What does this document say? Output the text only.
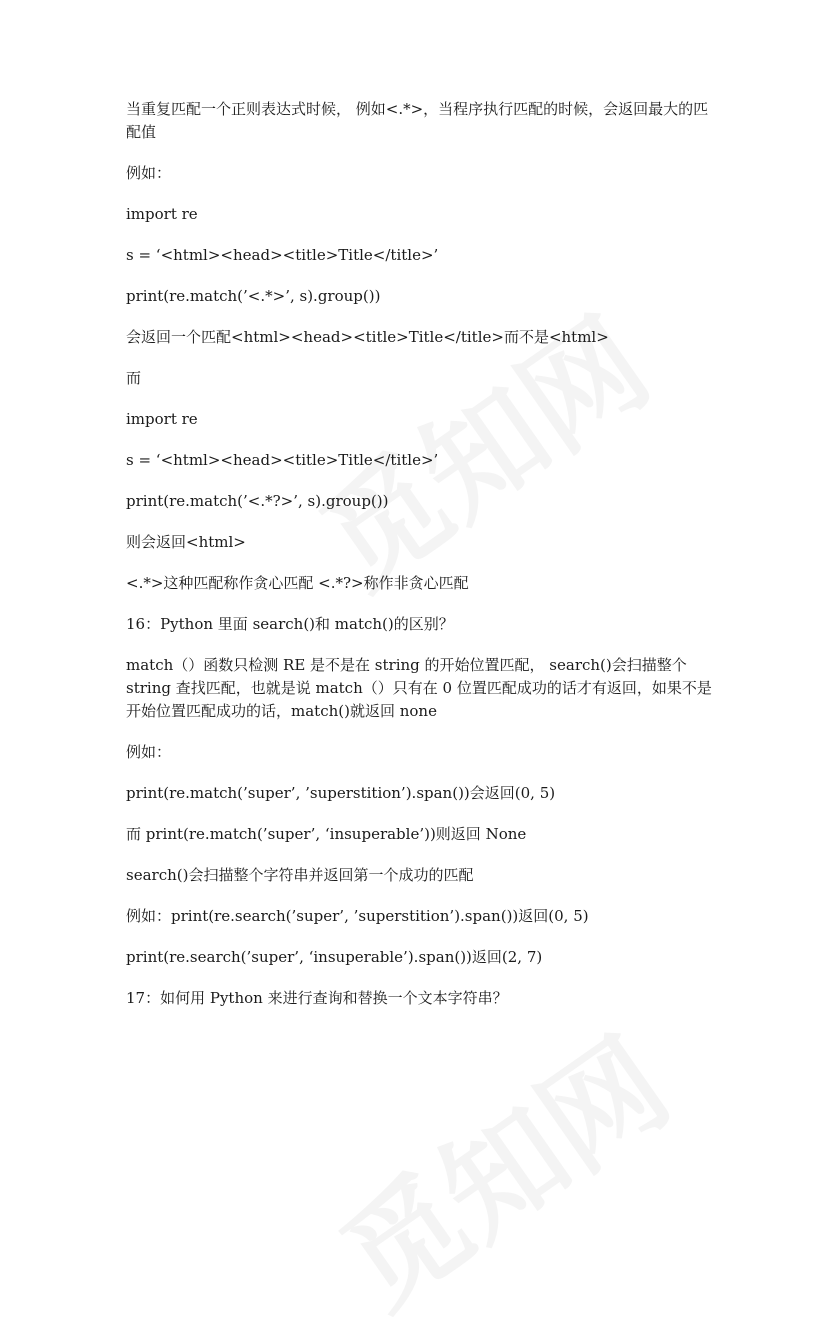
当重复匹配一个正则表达式时候， 例如<.*>，当程序执行匹配的时候，会返回最大的匹配值

例如：

import re

s = ‘<html><head><title>Title</title>’

print(re.match(’<.*>’, s).group())

会返回一个匹配<html><head><title>Title</title>而不是<html>

而

import re

s = ‘<html><head><title>Title</title>’

print(re.match(’<.*?>’, s).group())

则会返回<html>

<.*>这种匹配称作贪心匹配 <.*?>称作非贪心匹配

16：Python 里面 search()和 match()的区别？

match（）函数只检测 RE 是不是在 string 的开始位置匹配， search()会扫描整个 string 查找匹配，也就是说 match（）只有在 0 位置匹配成功的话才有返回，如果不是开始位置匹配成功的话，match()就返回 none

例如：

print(re.match(’super’, ’superstition’).span())会返回(0, 5)

而 print(re.match(’super’, ‘insuperable’))则返回 None

search()会扫描整个字符串并返回第一个成功的匹配

例如：print(re.search(’super’, ’superstition’).span())返回(0, 5)

print(re.search(’super’, ‘insuperable’).span())返回(2, 7)

17：如何用 Python 来进行查询和替换一个文本字符串？
